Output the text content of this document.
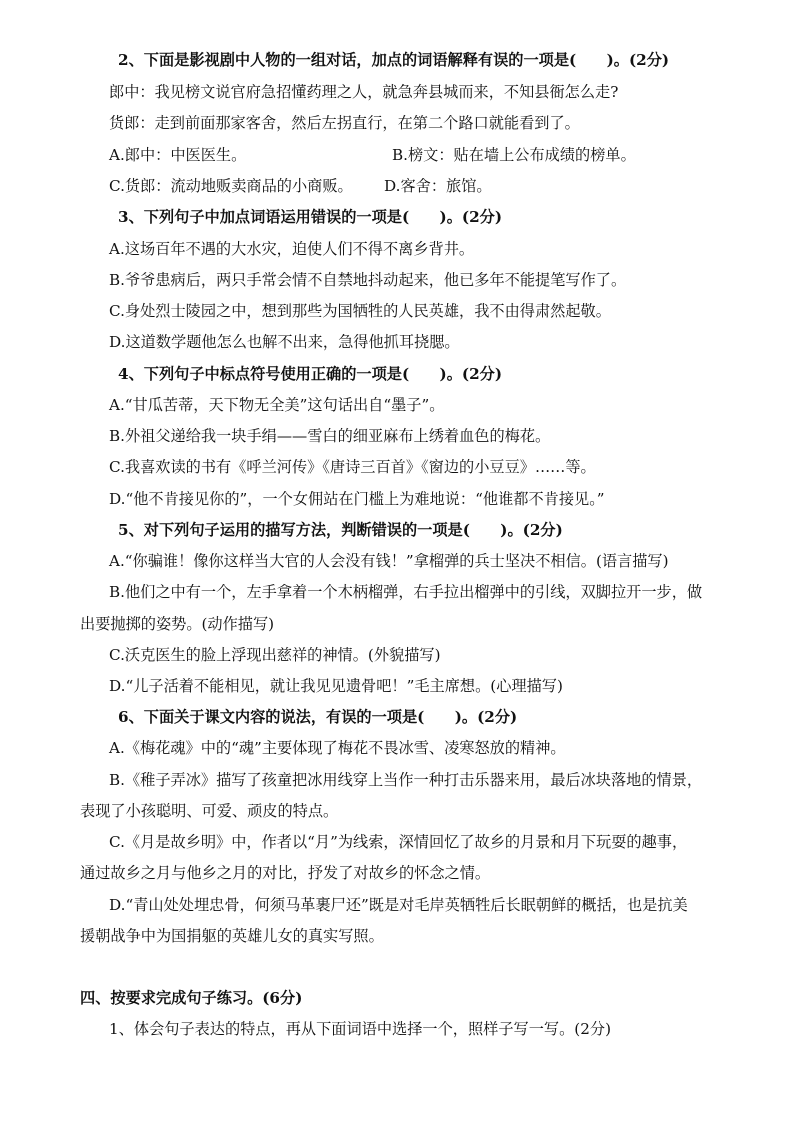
2、下面是影视剧中人物的一组对话，加点的词语解释有误的一项是(　　)。(2分)
郎中：我见榜文说官府急招懂药理之人，就急奔县城而来，不知县衙怎么走?
货郎：走到前面那家客舍，然后左拐直行，在第二个路口就能看到了。
A.郎中：中医医生。	B.榜文：贴在墙上公布成绩的榜单。
C.货郎：流动地贩卖商品的小商贩。 D.客舍：旅馆。
3、下列句子中加点词语运用错误的一项是(　　)。(2分)
A.这场百年不遇的大水灾，迫使人们不得不离乡背井。
B.爷爷患病后，两只手常会情不自禁地抖动起来，他已多年不能提笔写作了。
C.身处烈士陵园之中，想到那些为国牺牲的人民英雄，我不由得肃然起敬。
D.这道数学题他怎么也解不出来，急得他抓耳挠腮。
4、下列句子中标点符号使用正确的一项是(　　)。(2分)
A.“甘瓜苦蒂，天下物无全美”这句话出自“墨子”。
B.外祖父递给我一块手绢——雪白的细亚麻布上绣着血色的梅花。
C.我喜欢读的书有《呼兰河传》《唐诗三百首》《窗边的小豆豆》……等。
D.“他不肯接见你的”，一个女佣站在门槛上为难地说：“他谁都不肯接见。”
5、对下列句子运用的描写方法，判断错误的一项是(　　)。(2分)
A.“你骗谁！像你这样当大官的人会没有钱！”拿榴弹的兵士坚决不相信。(语言描写)
B.他们之中有一个，左手拿着一个木柄榴弹，右手拉出榴弹中的引线，双脚拉开一步，做
出要抛掷的姿势。(动作描写)
C.沃克医生的脸上浮现出慈祥的神情。(外貌描写)
D.“儿子活着不能相见，就让我见见遗骨吧！”毛主席想。(心理描写)
6、下面关于课文内容的说法，有误的一项是(　　)。(2分)
A.《梅花魂》中的“魂”主要体现了梅花不畏冰雪、凌寒怒放的精神。
B.《稚子弄冰》描写了孩童把冰用线穿上当作一种打击乐器来用，最后冰块落地的情景，
表现了小孩聪明、可爱、顽皮的特点。
C.《月是故乡明》中，作者以“月”为线索，深情回忆了故乡的月景和月下玩耍的趣事，
通过故乡之月与他乡之月的对比，抒发了对故乡的怀念之情。
D.“青山处处埋忠骨，何须马革裹尸还”既是对毛岸英牺牲后长眠朝鲜的概括，也是抗美
援朝战争中为国捐躯的英雄儿女的真实写照。
四、按要求完成句子练习。(6分)
1、体会句子表达的特点，再从下面词语中选择一个，照样子写一写。(2分)
